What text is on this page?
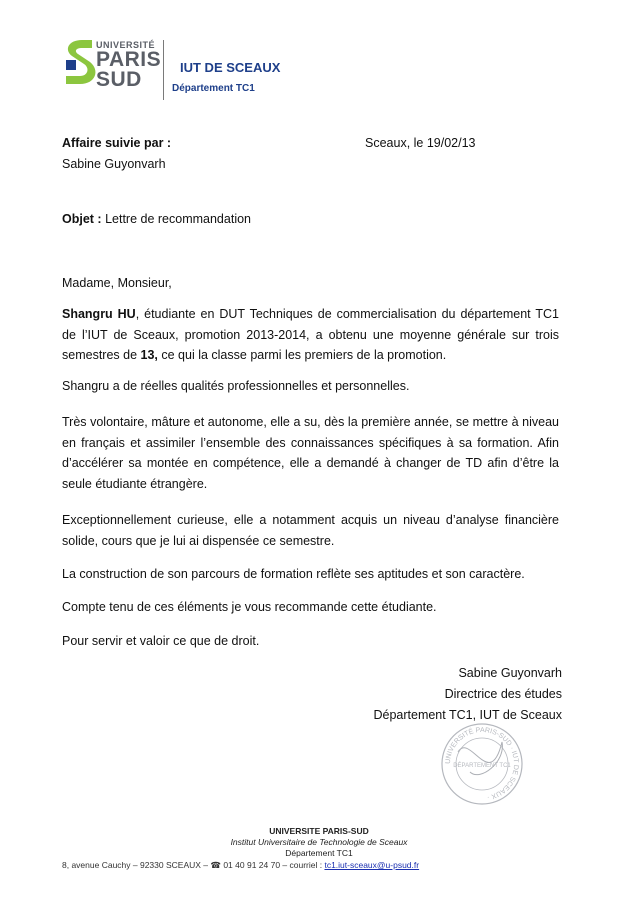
UNIVERSITÉ
PARIS
SUD
IUT DE SCEAUX
Département TC1
Affaire suivie par :	Sceaux, le 19/02/13
Sabine Guyonvarh
Objet : Lettre de recommandation
Madame, Monsieur,
Shangru HU, étudiante en DUT Techniques de commercialisation du département TC1 de l’IUT de Sceaux, promotion 2013-2014, a obtenu une moyenne générale sur trois semestres de 13, ce qui la classe parmi les premiers de la promotion.
Shangru a de réelles qualités professionnelles et personnelles.
Très volontaire, mâture et autonome, elle a su, dès la première année, se mettre à niveau en français et assimiler l’ensemble des connaissances spécifiques à sa formation. Afin d’accélérer sa montée en compétence, elle a demandé à changer de TD afin d’être la seule étudiante étrangère.
Exceptionnellement curieuse, elle a notamment acquis un niveau d’analyse financière solide, cours que je lui ai dispensée ce semestre.
La construction de son parcours de formation reflète ses aptitudes et son caractère.
Compte tenu de ces éléments je vous recommande cette étudiante.
Pour servir et valoir ce que de droit.
Sabine Guyonvarh
Directrice des études
Département TC1, IUT de Sceaux
UNIVERSITÉ PARIS-SUD · IUT DE SCEAUX ·
DÉPARTEMENT TC1
UNIVERSITE PARIS-SUD
Institut Universitaire de Technologie de Sceaux
Département TC1
8, avenue Cauchy – 92330 SCEAUX – ☎ 01 40 91 24 70 – courriel : tc1.iut-sceaux@u-psud.fr
